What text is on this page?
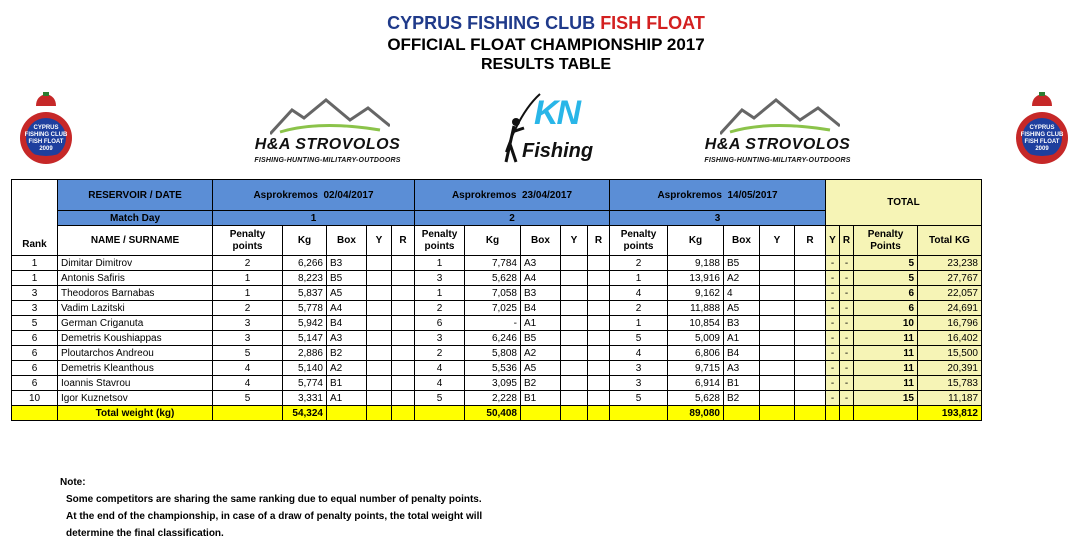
CYPRUS FISHING CLUB FISH FLOAT
OFFICIAL FLOAT CHAMPIONSHIP 2017
RESULTS TABLE
CYPRUS
FISHING CLUB
FISH FLOAT
2009
CYPRUS
FISHING CLUB
FISH FLOAT
2009
H&A STROVOLOS
FISHING-HUNTING-MILITARY-OUTDOORS
H&A STROVOLOS
FISHING-HUNTING-MILITARY-OUTDOORS
KN
Fishing
Rank	RESERVOIR / DATE	Asprokremos 02/04/2017					Asprokremos 23/04/2017					Asprokremos 14/05/2017					TOTAL			
	Match Day	1					2					3								
	NAME / SURNAME	Penalty points	Kg	Box	Y	R	Penalty points	Kg	Box	Y	R	Penalty points	Kg	Box	Y	R	Y	R	Penalty Points	Total KG
1	Dimitar Dimitrov	2	6,266	B3			1	7,784	A3			2	9,188	B5			-	-	5	23,238
1	Antonis Safiris	1	8,223	B5			3	5,628	A4			1	13,916	A2			-	-	5	27,767
3	Theodoros Barnabas	1	5,837	A5			1	7,058	B3			4	9,162	4			-	-	6	22,057
3	Vadim Lazitski	2	5,778	A4			2	7,025	B4			2	11,888	A5			-	-	6	24,691
5	German Criganuta	3	5,942	B4			6	-	A1			1	10,854	B3			-	-	10	16,796
6	Demetris Koushiappas	3	5,147	A3			3	6,246	B5			5	5,009	A1			-	-	11	16,402
6	Ploutarchos Andreou	5	2,886	B2			2	5,808	A2			4	6,806	B4			-	-	11	15,500
6	Demetris Kleanthous	4	5,140	A2			4	5,536	A5			3	9,715	A3			-	-	11	20,391
6	Ioannis Stavrou	4	5,774	B1			4	3,095	B2			3	6,914	B1			-	-	11	15,783
10	Igor Kuznetsov	5	3,331	A1			5	2,228	B1			5	5,628	B2			-	-	15	11,187
	Total weight (kg)		54,324					50,408					89,080							193,812
Note:
Some competitors are sharing the same ranking due to equal number of penalty points.
At the end of the championship, in case of a draw of penalty points, the total weight will
determine the final classification.
